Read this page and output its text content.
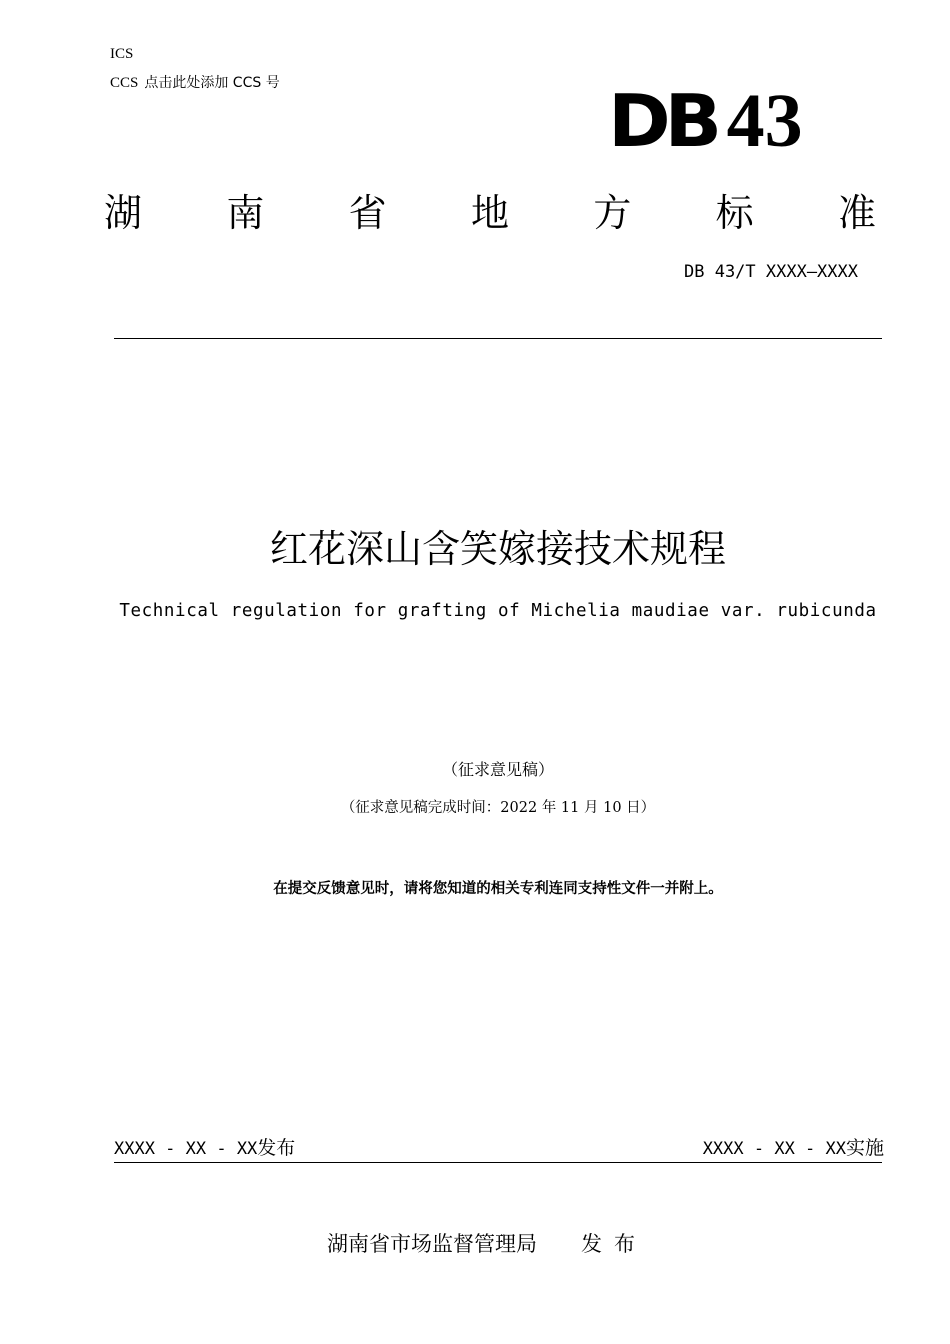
ICS
CCS 点击此处添加 CCS 号	DB 43
湖 南 省 地 方 标 准
DB 43/T XXXX—XXXX
红花深山含笑嫁接技术规程
Technical regulation for grafting of Michelia maudiae var. rubicunda
（征求意见稿）
（征求意见稿完成时间：2022 年 11 月 10 日）
在提交反馈意见时，请将您知道的相关专利连同支持性文件一并附上。
XXXX - XX - XX发布	XXXX - XX - XX实施
湖南省市场监督管理局 发布
